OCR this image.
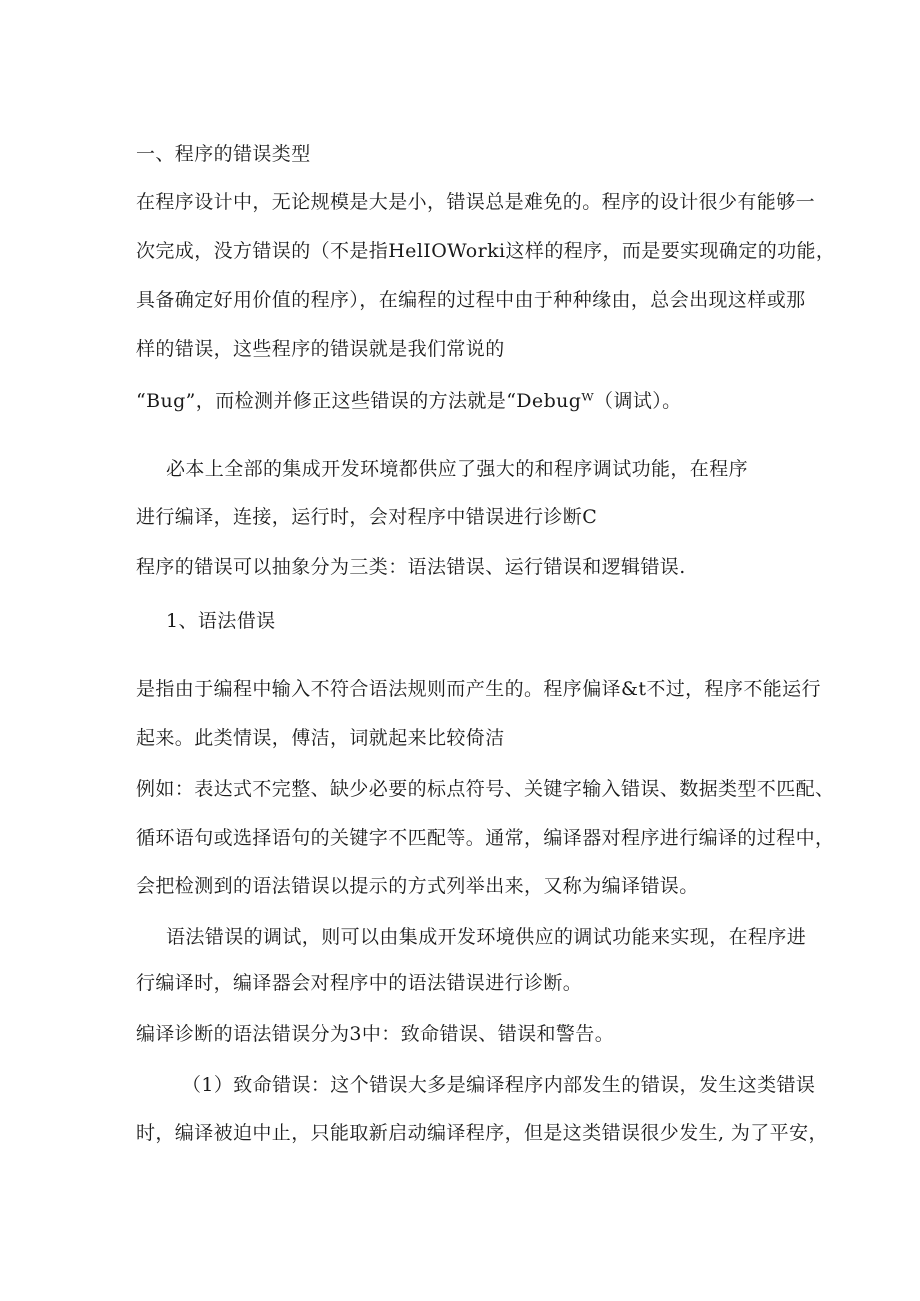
一、程序的错误类型
在程序设计中，无论规模是大是小，错误总是难免的。程序的设计很少有能够一
次完成，没方错误的（不是指HelIOWorki这样的程序，而是要实现确定的功能，
具备确定好用价值的程序），在编程的过程中由于种种缘由，总会出现这样或那
样的错误，这些程序的错误就是我们常说的
“Bug”，而检测并修正这些错误的方法就是“Debugᵂ（调试）。
必本上全部的集成开发环境都供应了强大的和程序调试功能，在程序
进行编译，连接，运行时，会对程序中错误进行诊断C
程序的错误可以抽象分为三类：语法错误、运行错误和逻辑错误.
1、语法借误
是指由于编程中输入不符合语法规则而产生的。程序偏译&t不过，程序不能运行
起来。此类情误，傅洁，词就起来比较倚洁
例如：表达式不完整、缺少必要的标点符号、关键字输入错误、数据类型不匹配、
循环语句或选择语句的关键字不匹配等。通常，编译器对程序进行编译的过程中，
会把检测到的语法错误以提示的方式列举出来，又称为编译错误。
语法错误的调试，则可以由集成开发环境供应的调试功能来实现，在程序进
行编译时，编译器会对程序中的语法错误进行诊断。
编译诊断的语法错误分为3中：致命错误、错误和警告。
（1）致命错误：这个错误大多是编译程序内部发生的错误，发生这类错误
时，编译被迫中止，只能取新启动编译程序，但是这类错误很少发生, 为了平安，
